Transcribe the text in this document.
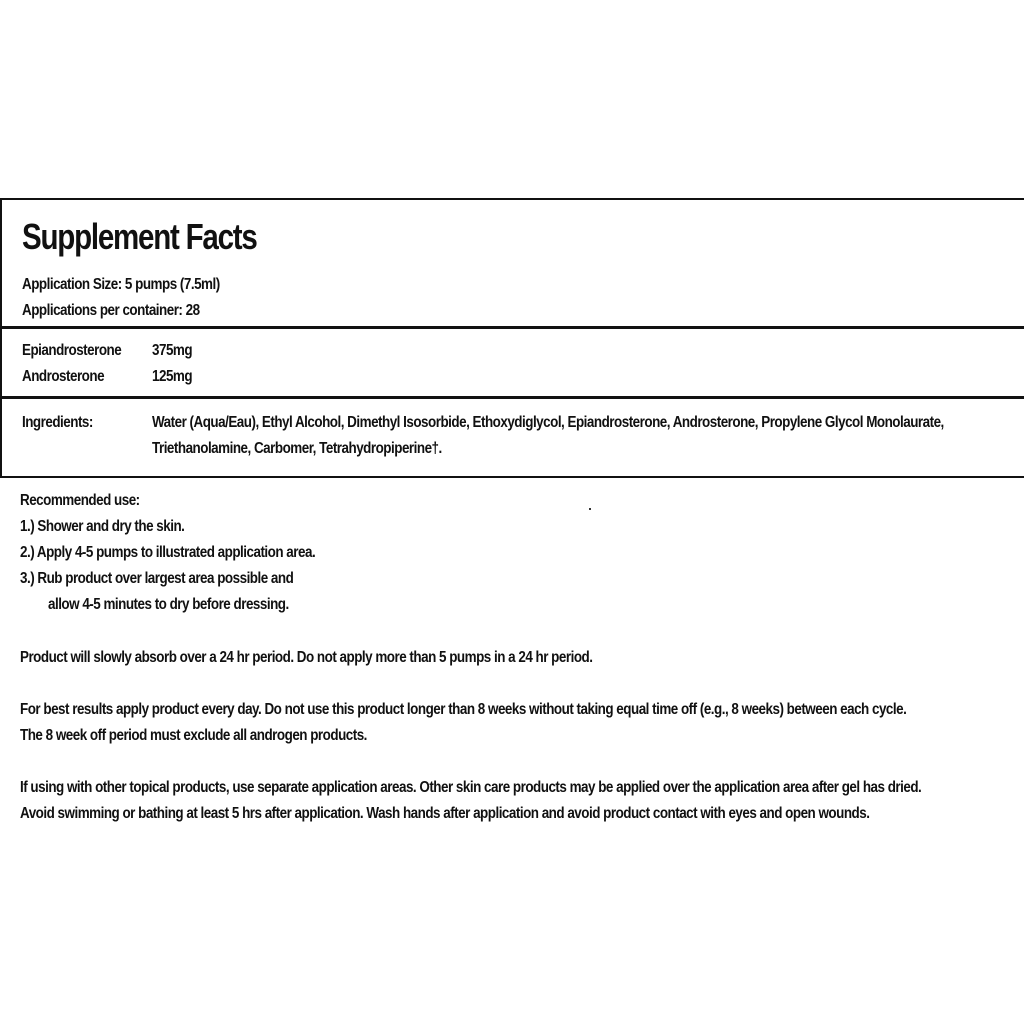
Supplement Facts
Application Size: 5 pumps (7.5ml)
Applications per container: 28
Epiandrosterone 375mg
Androsterone	125mg
Ingredients:	Water (Aqua/Eau), Ethyl Alcohol, Dimethyl Isosorbide, Ethoxydiglycol, Epiandrosterone, Androsterone, Propylene Glycol Monolaurate,
Triethanolamine, Carbomer, Tetrahydropiperine†.
Recommended use:
1.) Shower and dry the skin.
2.) Apply 4-5 pumps to illustrated application area.
3.) Rub product over largest area possible and
allow 4-5 minutes to dry before dressing.
Product will slowly absorb over a 24 hr period. Do not apply more than 5 pumps in a 24 hr period.
For best results apply product every day. Do not use this product longer than 8 weeks without taking equal time off (e.g., 8 weeks) between each cycle.
The 8 week off period must exclude all androgen products.
If using with other topical products, use separate application areas. Other skin care products may be applied over the application area after gel has dried.
Avoid swimming or bathing at least 5 hrs after application. Wash hands after application and avoid product contact with eyes and open wounds.
